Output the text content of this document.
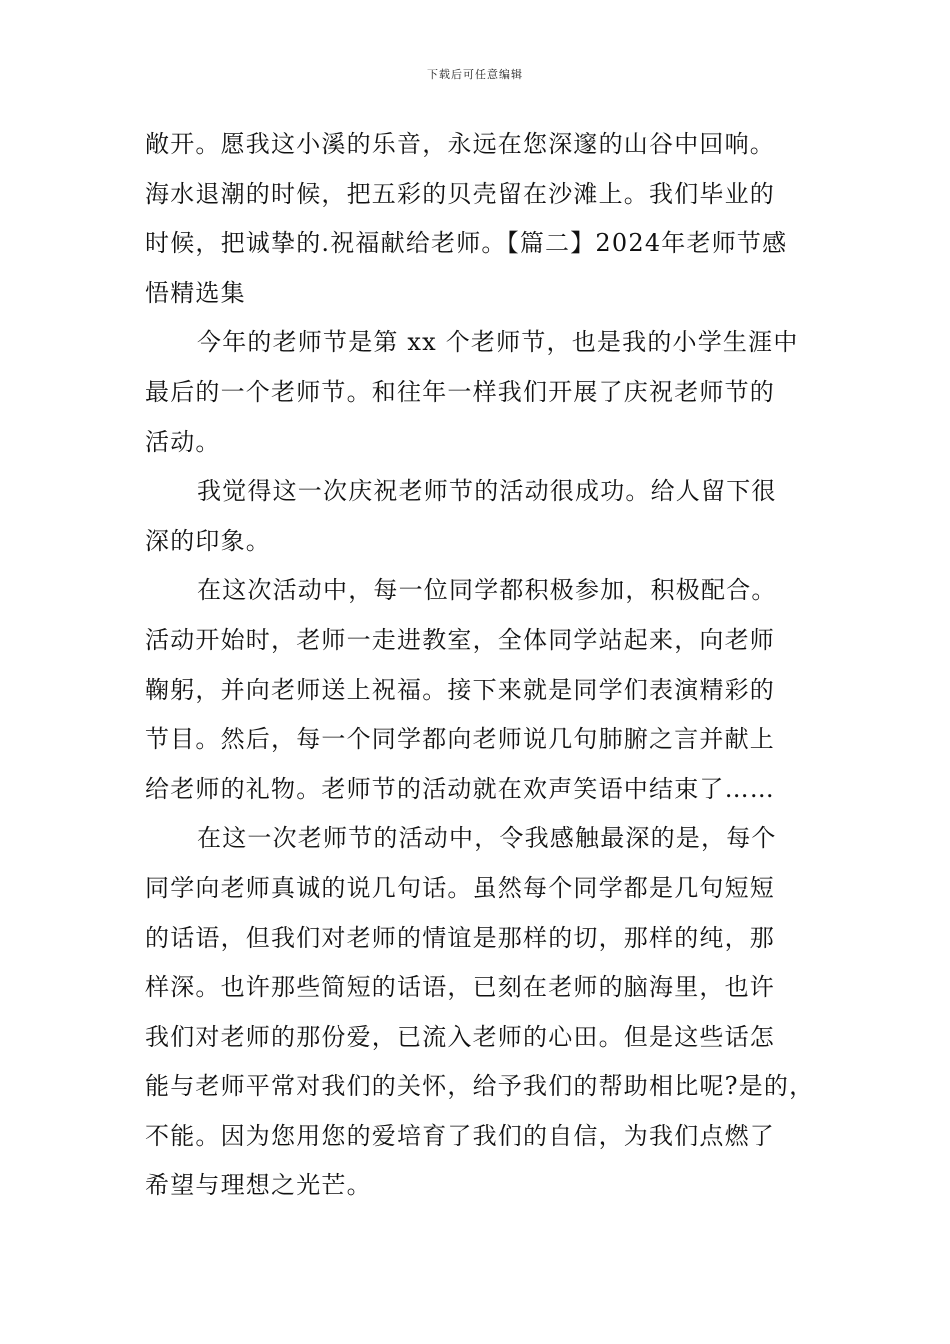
下载后可任意编辑
敞开。愿我这小溪的乐音，永远在您深邃的山谷中回响。
海水退潮的时候，把五彩的贝壳留在沙滩上。我们毕业的
时候，把诚挚的.祝福献给老师。【篇二】2024年老师节感
悟精选集
今年的老师节是第 xx 个老师节，也是我的小学生涯中
最后的一个老师节。和往年一样我们开展了庆祝老师节的
活动。
我觉得这一次庆祝老师节的活动很成功。给人留下很
深的印象。
在这次活动中，每一位同学都积极参加，积极配合。
活动开始时，老师一走进教室，全体同学站起来，向老师
鞠躬，并向老师送上祝福。接下来就是同学们表演精彩的
节目。然后，每一个同学都向老师说几句肺腑之言并献上
给老师的礼物。老师节的活动就在欢声笑语中结束了……
在这一次老师节的活动中，令我感触最深的是，每个
同学向老师真诚的说几句话。虽然每个同学都是几句短短
的话语，但我们对老师的情谊是那样的切，那样的纯，那
样深。也许那些简短的话语，已刻在老师的脑海里，也许
我们对老师的那份爱，已流入老师的心田。但是这些话怎
能与老师平常对我们的关怀，给予我们的帮助相比呢?是的，
不能。因为您用您的爱培育了我们的自信，为我们点燃了
希望与理想之光芒。
